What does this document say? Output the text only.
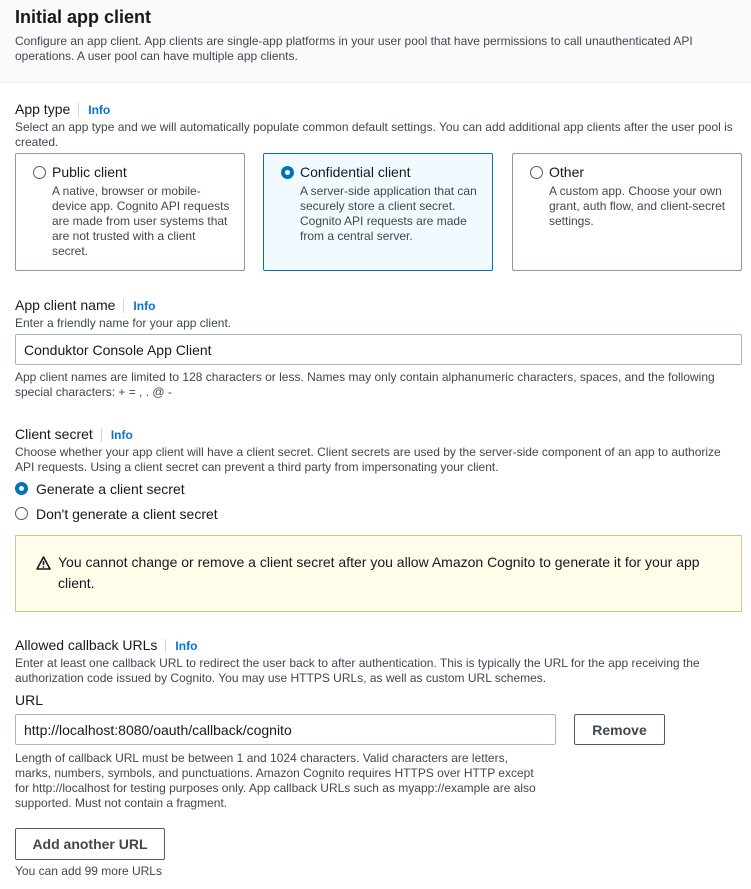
Initial app client
Configure an app client. App clients are single-app platforms in your user pool that have permissions to call unauthenticated API operations. A user pool can have multiple app clients.
App type Info
Select an app type and we will automatically populate common default settings. You can add additional app clients after the user pool is created.
Public client
A native, browser or mobile-device app. Cognito API requests are made from user systems that are not trusted with a client secret.
Confidential client
A server-side application that can securely store a client secret. Cognito API requests are made from a central server.
Other
A custom app. Choose your own grant, auth flow, and client-secret settings.
App client name Info
Enter a friendly name for your app client.
Conduktor Console App Client
App client names are limited to 128 characters or less. Names may only contain alphanumeric characters, spaces, and the following special characters: + = , . @ -
Client secret Info
Choose whether your app client will have a client secret. Client secrets are used by the server-side component of an app to authorize API requests. Using a client secret can prevent a third party from impersonating your client.
Generate a client secret
Don't generate a client secret
You cannot change or remove a client secret after you allow Amazon Cognito to generate it for your app client.
Allowed callback URLs Info
Enter at least one callback URL to redirect the user back to after authentication. This is typically the URL for the app receiving the authorization code issued by Cognito. You may use HTTPS URLs, as well as custom URL schemes.
URL
http://localhost:8080/oauth/callback/cognito	Remove
Length of callback URL must be between 1 and 1024 characters. Valid characters are letters, marks, numbers, symbols, and punctuations. Amazon Cognito requires HTTPS over HTTP except for http://localhost for testing purposes only. App callback URLs such as myapp://example are also supported. Must not contain a fragment.
Add another URL
You can add 99 more URLs
